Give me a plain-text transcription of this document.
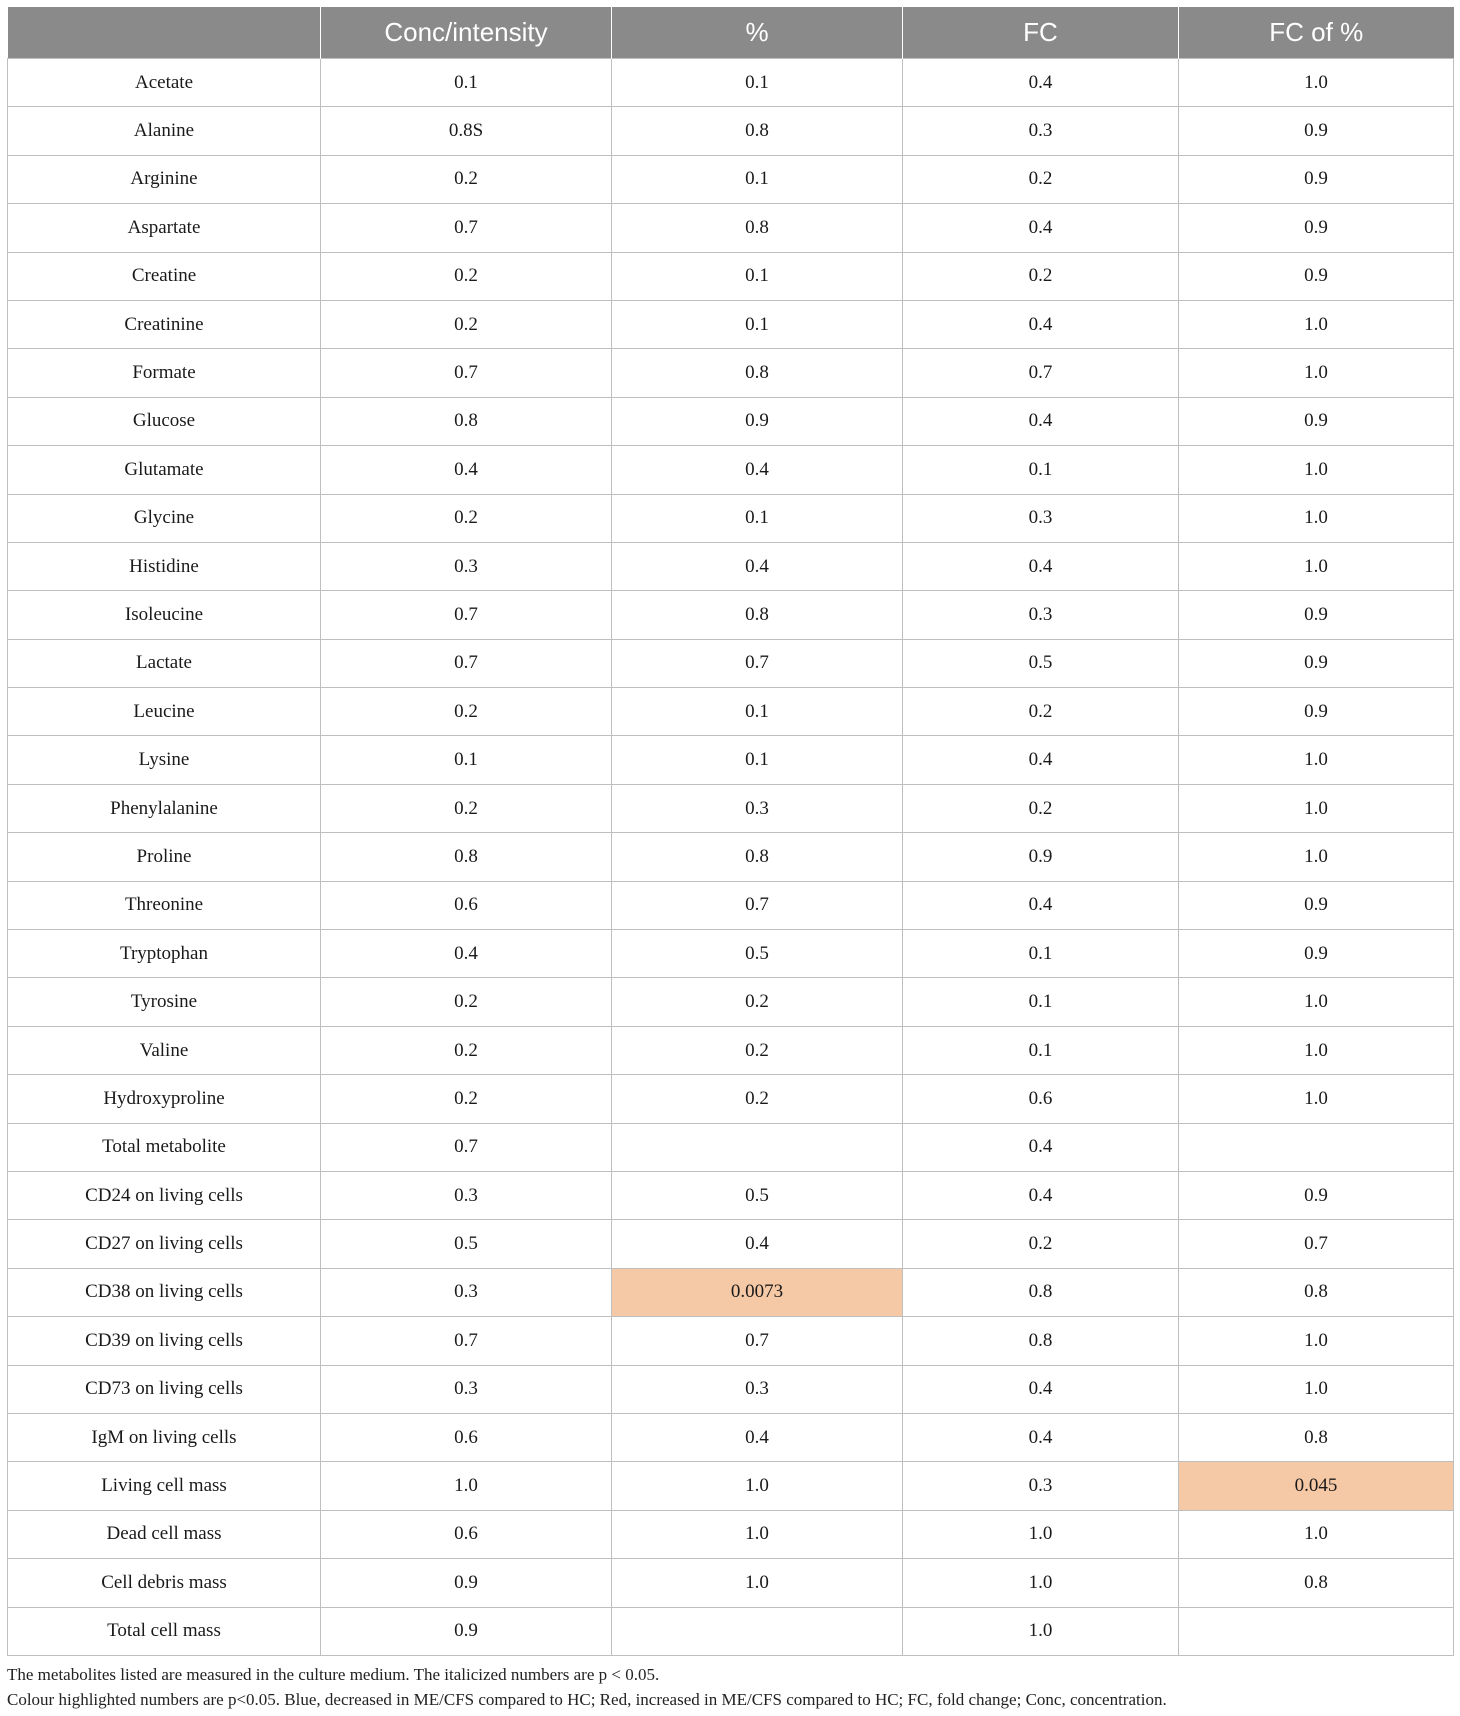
	Conc/intensity	%	FC	FC of %
Acetate	0.1	0.1	0.4	1.0
Alanine	0.8S	0.8	0.3	0.9
Arginine	0.2	0.1	0.2	0.9
Aspartate	0.7	0.8	0.4	0.9
Creatine	0.2	0.1	0.2	0.9
Creatinine	0.2	0.1	0.4	1.0
Formate	0.7	0.8	0.7	1.0
Glucose	0.8	0.9	0.4	0.9
Glutamate	0.4	0.4	0.1	1.0
Glycine	0.2	0.1	0.3	1.0
Histidine	0.3	0.4	0.4	1.0
Isoleucine	0.7	0.8	0.3	0.9
Lactate	0.7	0.7	0.5	0.9
Leucine	0.2	0.1	0.2	0.9
Lysine	0.1	0.1	0.4	1.0
Phenylalanine	0.2	0.3	0.2	1.0
Proline	0.8	0.8	0.9	1.0
Threonine	0.6	0.7	0.4	0.9
Tryptophan	0.4	0.5	0.1	0.9
Tyrosine	0.2	0.2	0.1	1.0
Valine	0.2	0.2	0.1	1.0
Hydroxyproline	0.2	0.2	0.6	1.0
Total metabolite	0.7		0.4	
CD24 on living cells	0.3	0.5	0.4	0.9
CD27 on living cells	0.5	0.4	0.2	0.7
CD38 on living cells	0.3	0.0073	0.8	0.8
CD39 on living cells	0.7	0.7	0.8	1.0
CD73 on living cells	0.3	0.3	0.4	1.0
IgM on living cells	0.6	0.4	0.4	0.8
Living cell mass	1.0	1.0	0.3	0.045
Dead cell mass	0.6	1.0	1.0	1.0
Cell debris mass	0.9	1.0	1.0	0.8
Total cell mass	0.9		1.0	
The metabolites listed are measured in the culture medium. The italicized numbers are p < 0.05.
Colour highlighted numbers are p<0.05. Blue, decreased in ME/CFS compared to HC; Red, increased in ME/CFS compared to HC; FC, fold change; Conc, concentration.
